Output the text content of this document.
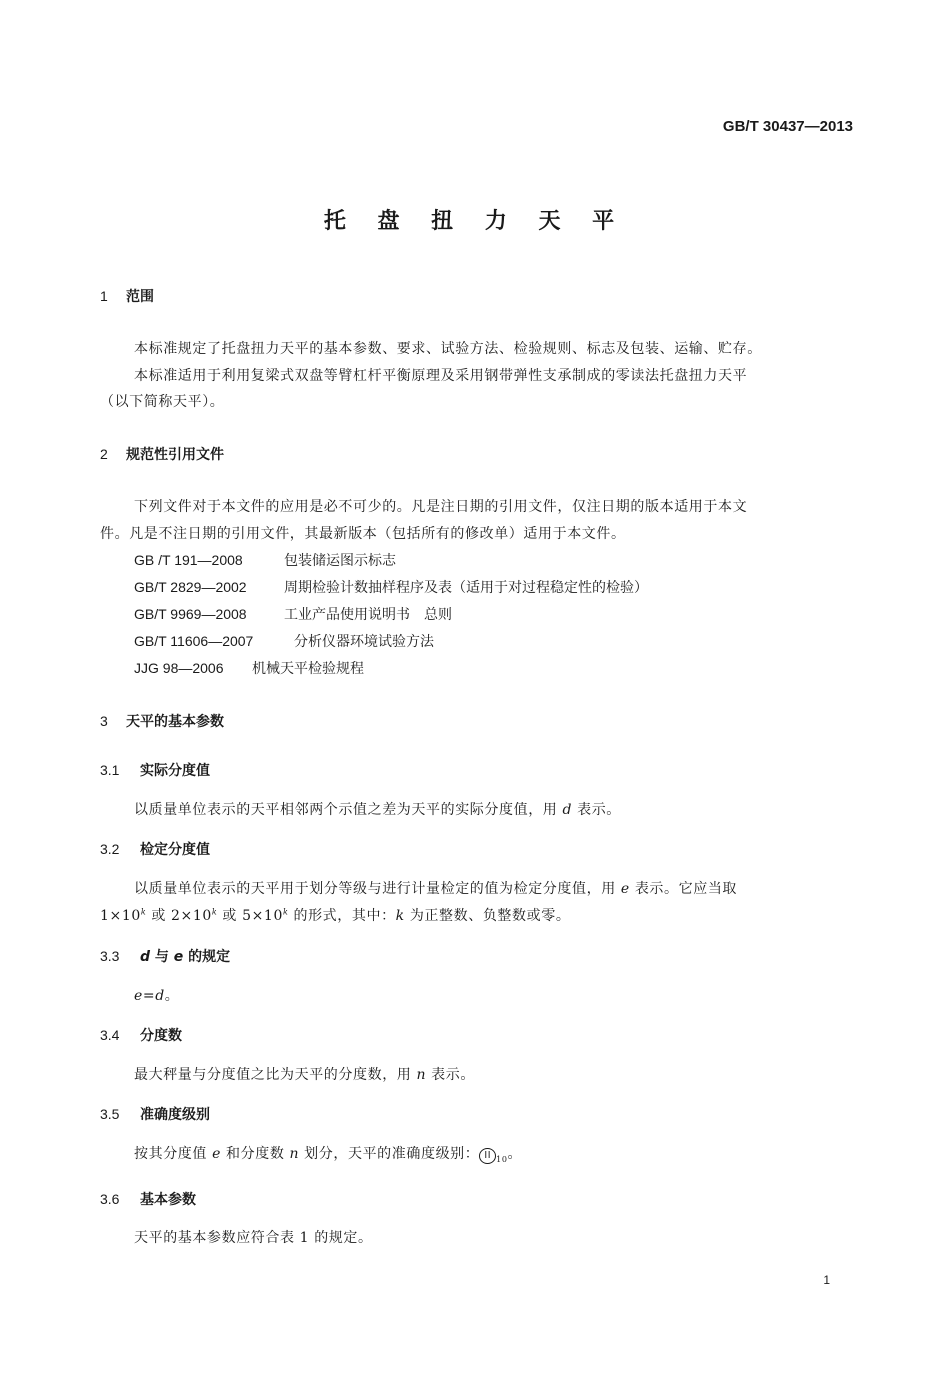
GB/T 30437—2013
托 盘 扭 力 天 平
1 范围
本标准规定了托盘扭力天平的基本参数、要求、试验方法、检验规则、标志及包装、运输、贮存。
本标准适用于利用复梁式双盘等臂杠杆平衡原理及采用钢带弹性支承制成的零读法托盘扭力天平
（以下简称天平）。
2 规范性引用文件
下列文件对于本文件的应用是必不可少的。凡是注日期的引用文件，仅注日期的版本适用于本文
件。凡是不注日期的引用文件，其最新版本（包括所有的修改单）适用于本文件。
GB /T 191—2008	包装储运图示标志
GB/T 2829—2002	周期检验计数抽样程序及表（适用于对过程稳定性的检验）
GB/T 9969—2008	工业产品使用说明书　总则
GB/T 11606—2007	分析仪器环境试验方法
JJG 98—2006 机械天平检验规程
3 天平的基本参数
3.1 实际分度值
以质量单位表示的天平相邻两个示值之差为天平的实际分度值，用 d 表示。
3.2 检定分度值
以质量单位表示的天平用于划分等级与进行计量检定的值为检定分度值，用 e 表示。它应当取
$1\times 10^k$ 或 $2\times 10^k$ 或 $5\times 10^k$ 的形式，其中：k 为正整数、负整数或零。
3.3 d 与 e 的规定
e=d。
3.4 分度数
最大秤量与分度值之比为天平的分度数，用 n 表示。
3.5 准确度级别
按其分度值 e 和分度数 n 划分，天平的准确度级别： II $_{10}$。
3.6 基本参数
天平的基本参数应符合表 1 的规定。
1
